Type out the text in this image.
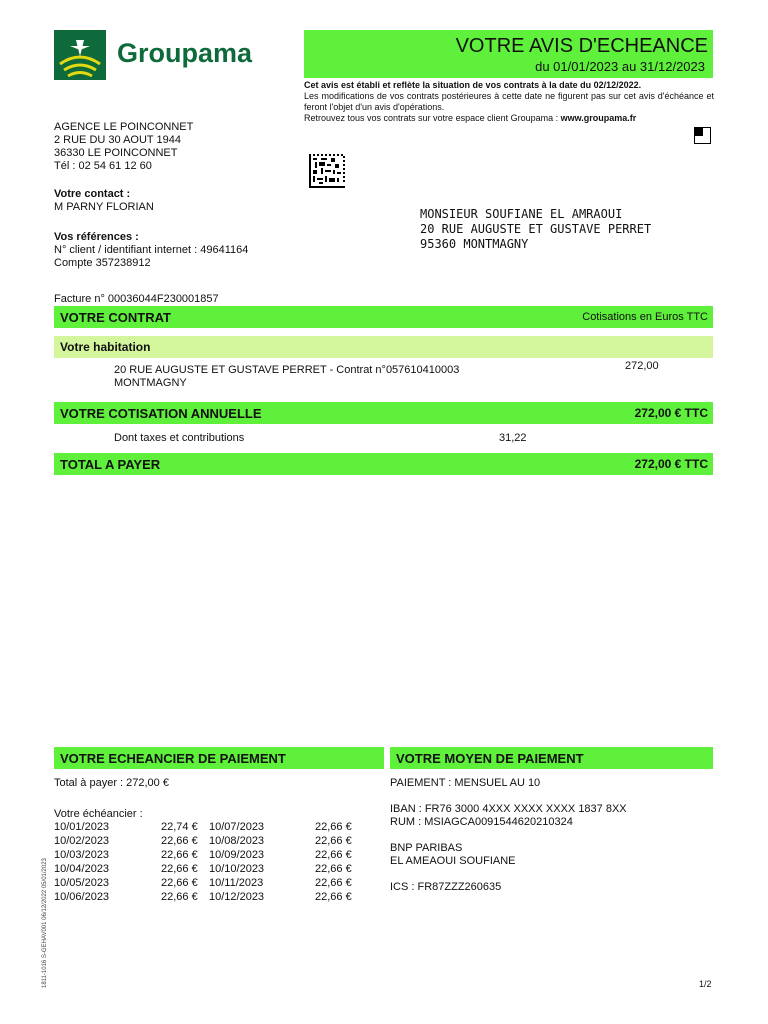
Groupama	VOTRE AVIS D'ECHEANCE
du 01/01/2023 au 31/12/2023
Cet avis est établi et reflète la situation de vos contrats à la date du 02/12/2022.
Les modifications de vos contrats postérieures à cette date ne figurent pas sur cet avis d'échéance et feront l'objet d'un avis d'opérations.
Retrouvez tous vos contrats sur votre espace client Groupama : www.groupama.fr
AGENCE LE POINCONNET
2 RUE DU 30 AOUT 1944
36330 LE POINCONNET
Tél : 02 54 61 12 60
Votre contact :
M PARNY FLORIAN
Vos références :
N° client / identifiant internet : 49641164
Compte 357238912
MONSIEUR SOUFIANE EL AMRAOUI
20 RUE AUGUSTE ET GUSTAVE PERRET
95360 MONTMAGNY
Facture n° 00036044F230001857
VOTRE CONTRAT	Cotisations en Euros TTC
Votre habitation
20 RUE AUGUSTE ET GUSTAVE PERRET - Contrat n°057610410003
MONTMAGNY
272,00
VOTRE COTISATION ANNUELLE	272,00 € TTC
Dont taxes et contributions	31,22
TOTAL A PAYER	272,00 € TTC
VOTRE ECHEANCIER DE PAIEMENT
Total à payer : 272,00 €
Votre échéancier :
10/01/2023	22,74 € 10/07/2023	22,66 €
10/02/2023	22,66 € 10/08/2023	22,66 €
10/03/2023	22,66 € 10/09/2023	22,66 €
10/04/2023	22,66 € 10/10/2023	22,66 €
10/05/2023	22,66 € 10/11/2023	22,66 €
10/06/2023	22,66 € 10/12/2023	22,66 €
VOTRE MOYEN DE PAIEMENT
PAIEMENT : MENSUEL AU 10
IBAN : FR76 3000 4XXX XXXX XXXX 1837 8XX
RUM : MSIAGCA0091544620210324
BNP PARIBAS
EL AMEAOUI SOUFIANE
ICS : FR87ZZZ260635
1811-1016 S-GEHAV001 06/12/2022 05/01/2023	1/2
